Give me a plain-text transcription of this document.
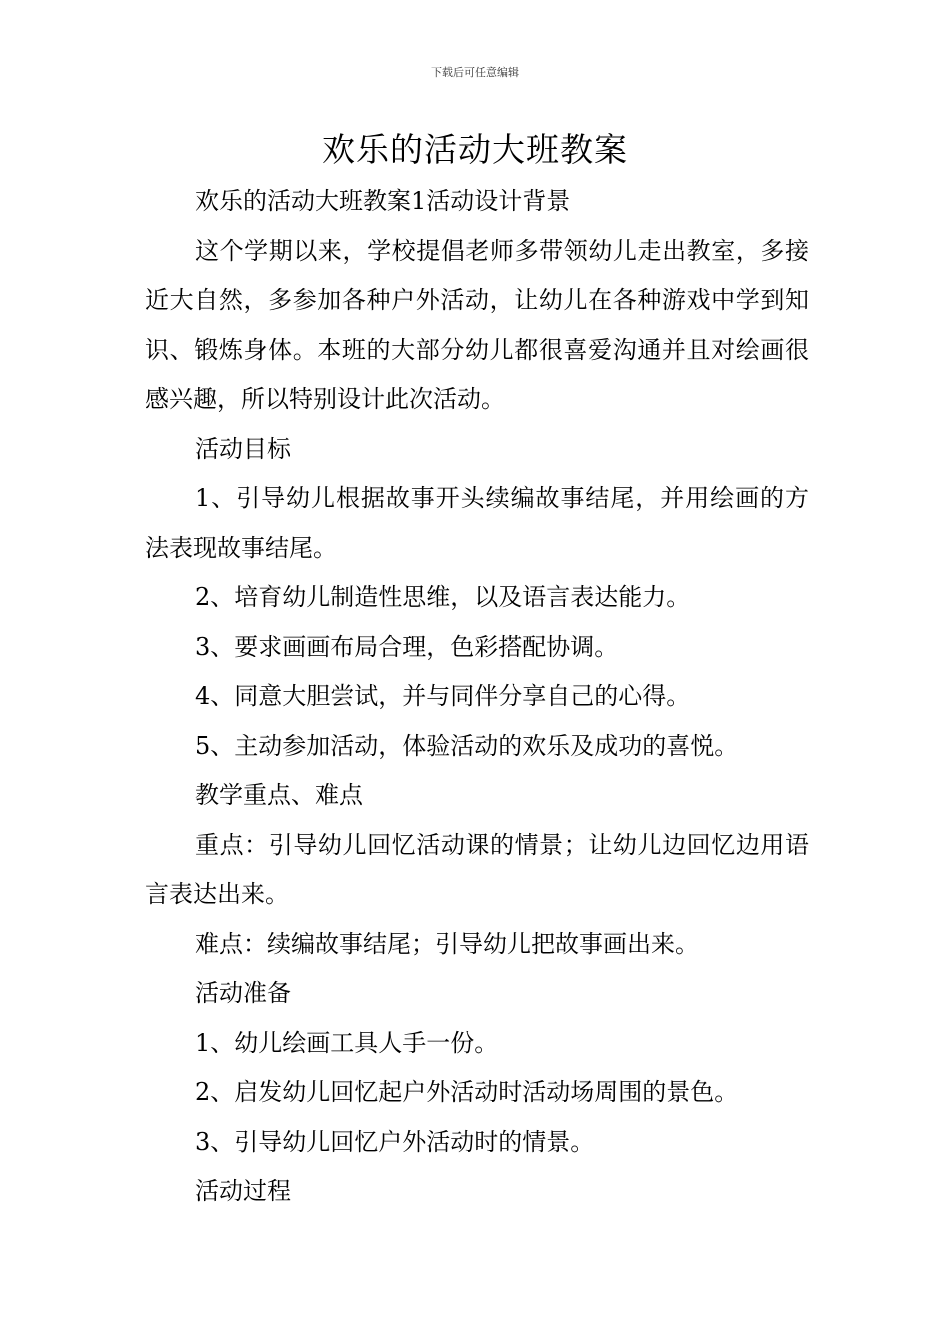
下载后可任意编辑
欢乐的活动大班教案

欢乐的活动大班教案1活动设计背景

这个学期以来，学校提倡老师多带领幼儿走出教室，多接近大自然，多参加各种户外活动，让幼儿在各种游戏中学到知识、锻炼身体。本班的大部分幼儿都很喜爱沟通并且对绘画很感兴趣，所以特别设计此次活动。

活动目标

1、引导幼儿根据故事开头续编故事结尾，并用绘画的方法表现故事结尾。

2、培育幼儿制造性思维，以及语言表达能力。

3、要求画画布局合理，色彩搭配协调。

4、同意大胆尝试，并与同伴分享自己的心得。

5、主动参加活动，体验活动的欢乐及成功的喜悦。

教学重点、难点

重点：引导幼儿回忆活动课的情景；让幼儿边回忆边用语言表达出来。

难点：续编故事结尾；引导幼儿把故事画出来。

活动准备

1、幼儿绘画工具人手一份。

2、启发幼儿回忆起户外活动时活动场周围的景色。

3、引导幼儿回忆户外活动时的情景。

活动过程
